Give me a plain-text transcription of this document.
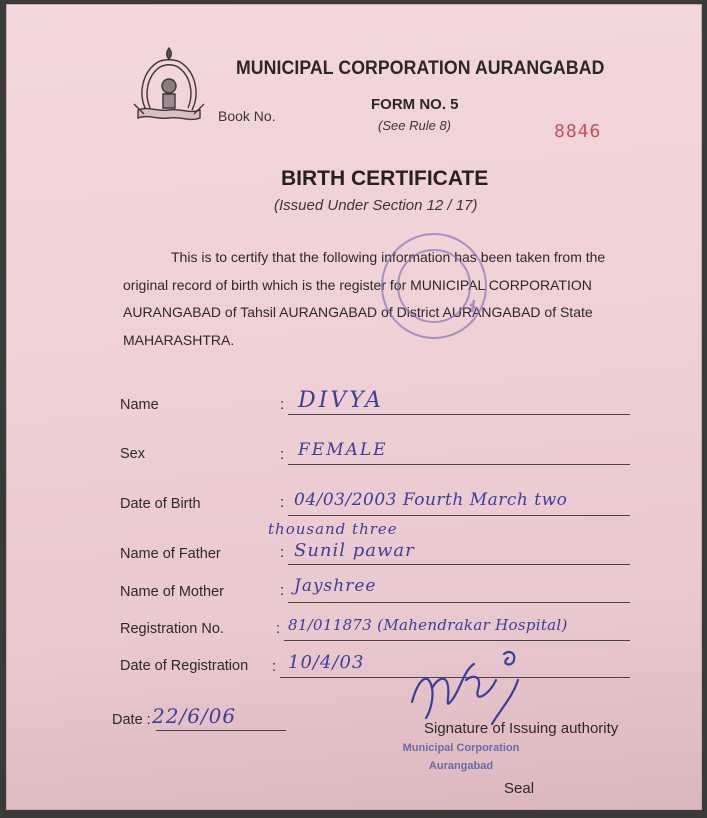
MUNICIPAL CORPORATION AURANGABAD
Book No.
FORM NO. 5
(See Rule 8)	8846
BIRTH CERTIFICATE
(Issued Under Section 12 / 17)
This is to certify that the following information has been taken from the
original record of birth which is the register for MUNICIPAL CORPORATION
AURANGABAD of Tahsil AURANGABAD of District AURANGABAD of State
MAHARASHTRA.
Name	: DIVYA
Sex	: FEMALE
Date of Birth	: 04/03/2003 Fourth March two
thousand three
Name of Father	: Sunil pawar
Name of Mother	: Jayshree
Registration No.	: 81/011873 (Mahendrakar Hospital)
Date of Registration : 10/4/03
Date : 22/6/06
Signature of Issuing authority
Municipal Corporation
Aurangabad
Seal
